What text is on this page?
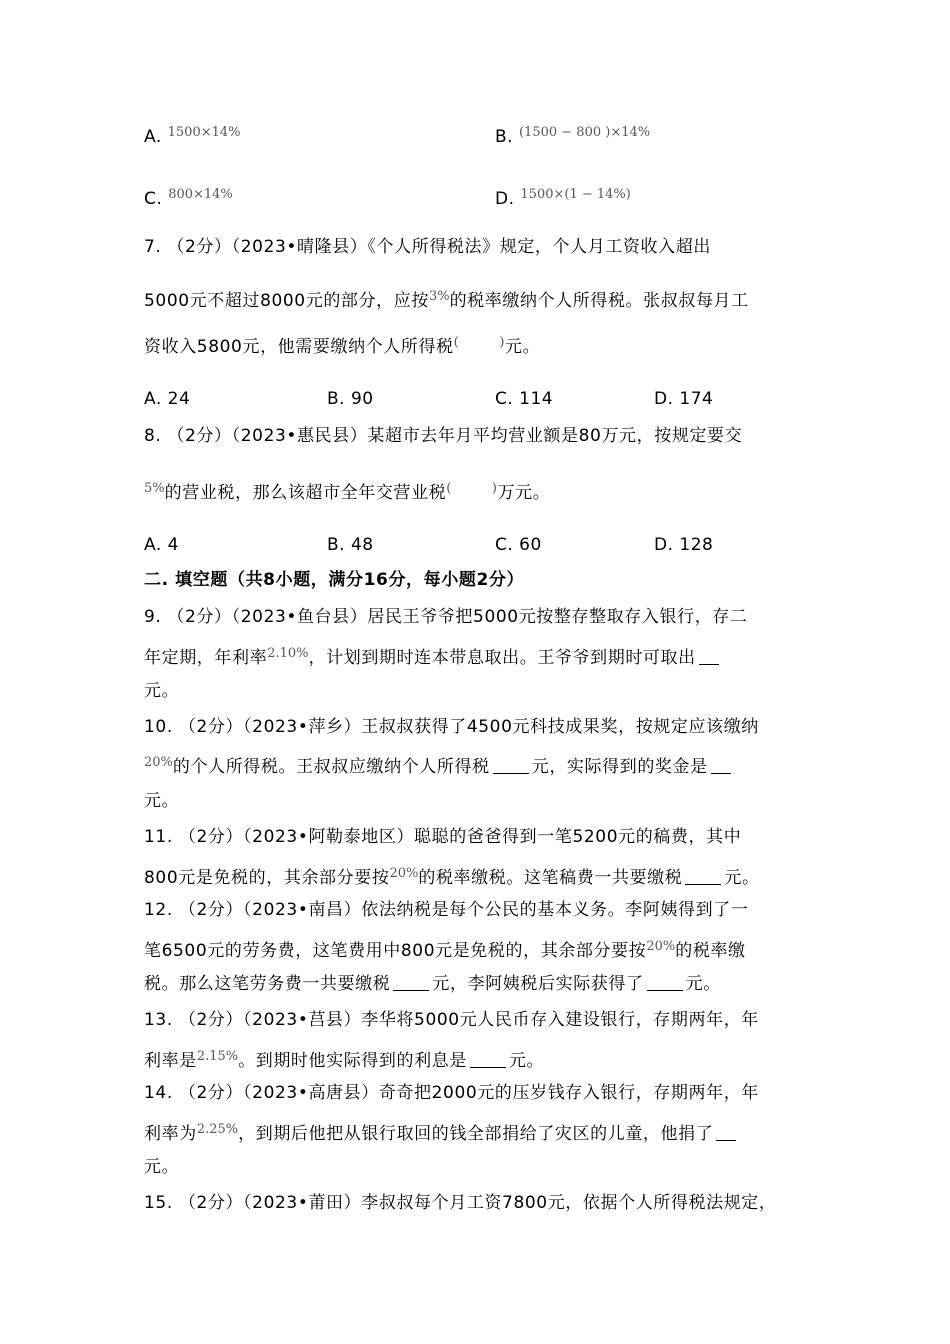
A. $^{1500\times 14\%}$	B. $^{(1500 - 800 )\times 14\%}$
C. $^{800\times 14\%}$	D. $^{1500\times(1 - 14\%)}$
7. （2分）（2023•晴隆县）《个人所得税法》规定，个人月工资收入超出
5000元不超过8000元的部分，应按$^{3\%}$的税率缴纳个人所得税。张叔叔每月工
资收入5800元，他需要缴纳个人所得税(	)元。
A. 24	B. 90	C. 114	D. 174
8. （2分）（2023•惠民县）某超市去年月平均营业额是80万元，按规定要交
$^{5\%}$的营业税，那么该超市全年交营业税(	)万元。
A. 4	B. 48	C. 60	D. 128
二. 填空题（共8小题，满分16分，每小题2分）
9. （2分）（2023•鱼台县）居民王爷爷把5000元按整存整取存入银行，存二
年定期，年利率$^{2.10\%}$，计划到期时连本带息取出。王爷爷到期时可取出
元。
10. （2分）（2023•萍乡）王叔叔获得了4500元科技成果奖，按规定应该缴纳
$^{20\%}$的个人所得税。王叔叔应缴纳个人所得税 元，实际得到的奖金是
元。
11. （2分）（2023•阿勒泰地区）聪聪的爸爸得到一笔5200元的稿费，其中
800元是免税的，其余部分要按$^{20\%}$的税率缴税。这笔稿费一共要缴税 元。
12. （2分）（2023•南昌）依法纳税是每个公民的基本义务。李阿姨得到了一
笔6500元的劳务费，这笔费用中800元是免税的，其余部分要按$^{20\%}$的税率缴
税。那么这笔劳务费一共要缴税 元，李阿姨税后实际获得了 元。
13. （2分）（2023•莒县）李华将5000元人民币存入建设银行，存期两年，年
利率是$^{2.15\%}$。到期时他实际得到的利息是 元。
14. （2分）（2023•高唐县）奇奇把2000元的压岁钱存入银行，存期两年，年
利率为$^{2.25\%}$，到期后他把从银行取回的钱全部捐给了灾区的儿童，他捐了
元。
15. （2分）（2023•莆田）李叔叔每个月工资7800元，依据个人所得税法规定，
